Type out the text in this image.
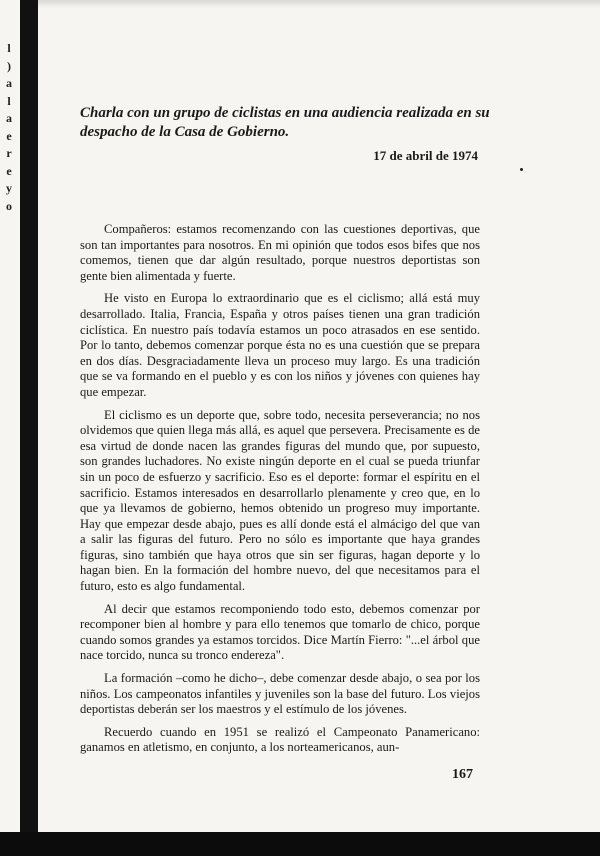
l
)
a
l
a
e
r
e
y
o
Charla con un grupo de ciclistas en una audiencia realizada en su despacho de la Casa de Gobierno.
17 de abril de 1974

Compañeros: estamos recomenzando con las cuestiones deportivas, que son tan importantes para nosotros. En mi opinión que todos esos bifes que nos comemos, tienen que dar algún resultado, porque nuestros deportistas son gente bien alimentada y fuerte.

He visto en Europa lo extraordinario que es el ciclismo; allá está muy desarrollado. Italia, Francia, España y otros países tienen una gran tradición ciclística. En nuestro país todavía estamos un poco atrasados en ese sentido. Por lo tanto, debemos comenzar porque ésta no es una cuestión que se prepara en dos días. Desgraciadamente lleva un proceso muy largo. Es una tradición que se va formando en el pueblo y es con los niños y jóvenes con quienes hay que empezar.

El ciclismo es un deporte que, sobre todo, necesita perseverancia; no nos olvidemos que quien llega más allá, es aquel que persevera. Precisamente es de esa virtud de donde nacen las grandes figuras del mundo que, por supuesto, son grandes luchadores. No existe ningún deporte en el cual se pueda triunfar sin un poco de esfuerzo y sacrificio. Eso es el deporte: formar el espíritu en el sacrificio. Estamos interesados en desarrollarlo plenamente y creo que, en lo que ya llevamos de gobierno, hemos obtenido un progreso muy importante. Hay que empezar desde abajo, pues es allí donde está el almácigo del que van a salir las figuras del futuro. Pero no sólo es importante que haya grandes figuras, sino también que haya otros que sin ser figuras, hagan deporte y lo hagan bien. En la formación del hombre nuevo, del que necesitamos para el futuro, esto es algo fundamental.

Al decir que estamos recomponiendo todo esto, debemos comenzar por recomponer bien al hombre y para ello tenemos que tomarlo de chico, porque cuando somos grandes ya estamos torcidos. Dice Martín Fierro: "...el árbol que nace torcido, nunca su tronco endereza".

La formación –como he dicho–, debe comenzar desde abajo, o sea por los niños. Los campeonatos infantiles y juveniles son la base del futuro. Los viejos deportistas deberán ser los maestros y el estímulo de los jóvenes.

Recuerdo cuando en 1951 se realizó el Campeonato Panamericano: ganamos en atletismo, en conjunto, a los norteamericanos, aun-

167
